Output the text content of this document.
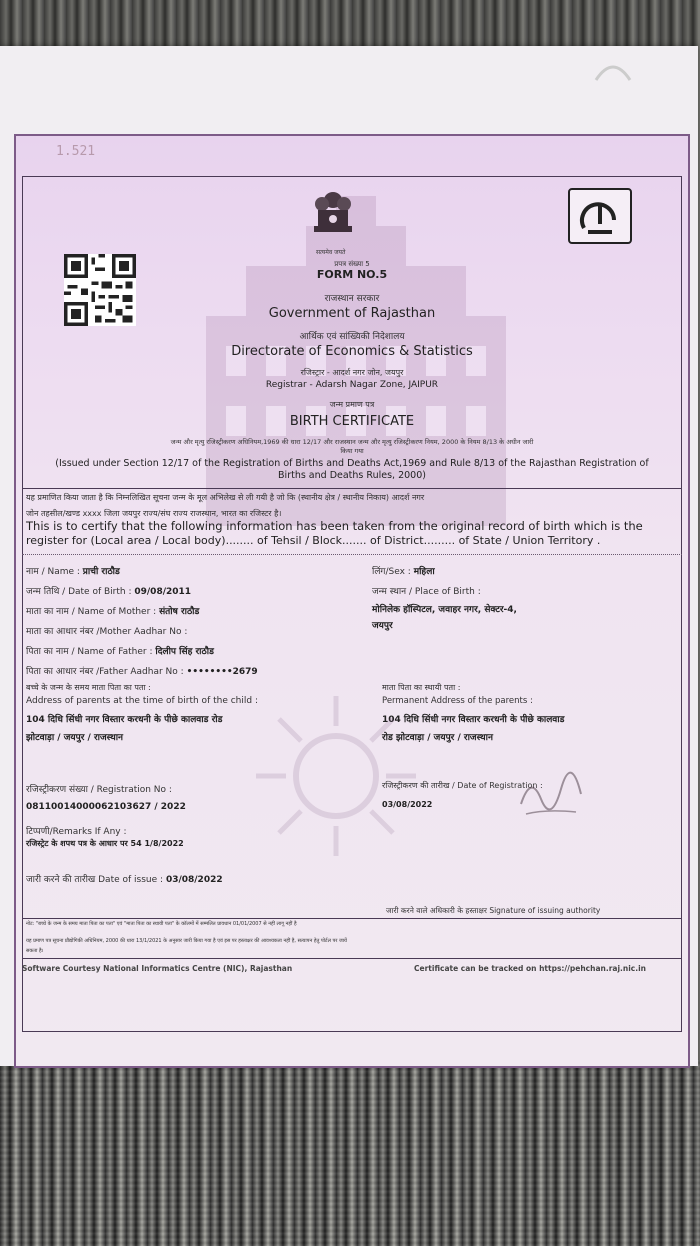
1.521
सत्यमेव जयते
प्रपत्र संख्या 5
FORM NO.5
राजस्थान सरकार
Government of Rajasthan
आर्थिक एवं सांख्यिकी निदेशालय
Directorate of Economics & Statistics
रजिस्ट्रार - आदर्श नगर जोन, जयपुर
Registrar - Adarsh Nagar Zone, JAIPUR
जन्म प्रमाण पत्र
BIRTH CERTIFICATE
जन्म और मृत्यु रजिस्ट्रीकरण अधिनियम,1969 की धारा 12/17 और राजस्थान जन्म और मृत्यु रजिस्ट्रीकरण नियम, 2000 के नियम 8/13 के अधीन जारी किया गया
(Issued under Section 12/17 of the Registration of Births and Deaths Act,1969 and Rule 8/13 of the Rajasthan Registration of Births and Deaths Rules, 2000)
यह प्रमाणित किया जाता है कि निम्नलिखित सूचना जन्म के मूल अभिलेख से ली गयी है जो कि (स्थानीय क्षेत्र / स्थानीय निकाय) आदर्श नगर
जोन तहसील/खण्ड xxxx जिला जयपुर राज्य/संघ राज्य राजस्थान, भारत का रजिस्टर है।
This is to certify that the following information has been taken from the original record of birth which is the
register for (Local area / Local body)........ of Tehsil / Block....... of District......... of State / Union Territory .
नाम / Name : प्राची राठौड	लिंग/Sex : महिला
जन्म तिथि / Date of Birth : 09/08/2011	जन्म स्थान / Place of Birth :
मोनिलेक हॉस्पिटल, जवाहर नगर, सेक्टर-4,
जयपुर
माता का नाम / Name of Mother : संतोष राठौड
माता का आधार नंबर /Mother Aadhar No :
पिता का नाम / Name of Father : दिलीप सिंह राठौड
पिता का आधार नंबर /Father Aadhar No : ••••••••2679
बच्चे के जन्म के समय माता पिता का पता :
Address of parents at the time of birth of the child :
104 दिधि सिंधी नगर विस्तार करधनी के पीछे कालवाड रोड
झोटवाड़ा / जयपुर / राजस्थान
माता पिता का स्थायी पता :
Permanent Address of the parents :
104 दिधि सिंधी नगर विस्तार करधनी के पीछे कालवाड
रोड झोटवाड़ा / जयपुर / राजस्थान
रजिस्ट्रीकरण संख्या / Registration No :
08110014000062103627 / 2022
रजिस्ट्रीकरण की तारीख / Date of Registration :
03/08/2022
टिप्पणी/Remarks If Any :
रजिस्ट्रेट के शपथ पत्र के आधार पर 54 1/8/2022
जारी करने की तारीख Date of issue : 03/08/2022
जारी करने वाले अधिकारी के हस्ताक्षर Signature of issuing authority
नोट: "बच्चे के जन्म के समय माता पिता का पता" एवं "माता पिता का स्थायी पता" के कॉलमों में सम्मलित प्रावधान 01/01/2007 से नहीं लागू नहीं है
यह प्रमाण पत्र सूचना प्रौद्योगिकी अधिनियम, 2000 की धारा 13/1/2021 के अनुसार जारी किया गया है एवं इस पर हस्ताक्षर की आवश्यकता नहीं है, सत्यापन हेतु पोर्टल पर जायें
सकता है।
Software Courtesy National Informatics Centre (NIC), Rajasthan	Certificate can be tracked on https://pehchan.raj.nic.in
